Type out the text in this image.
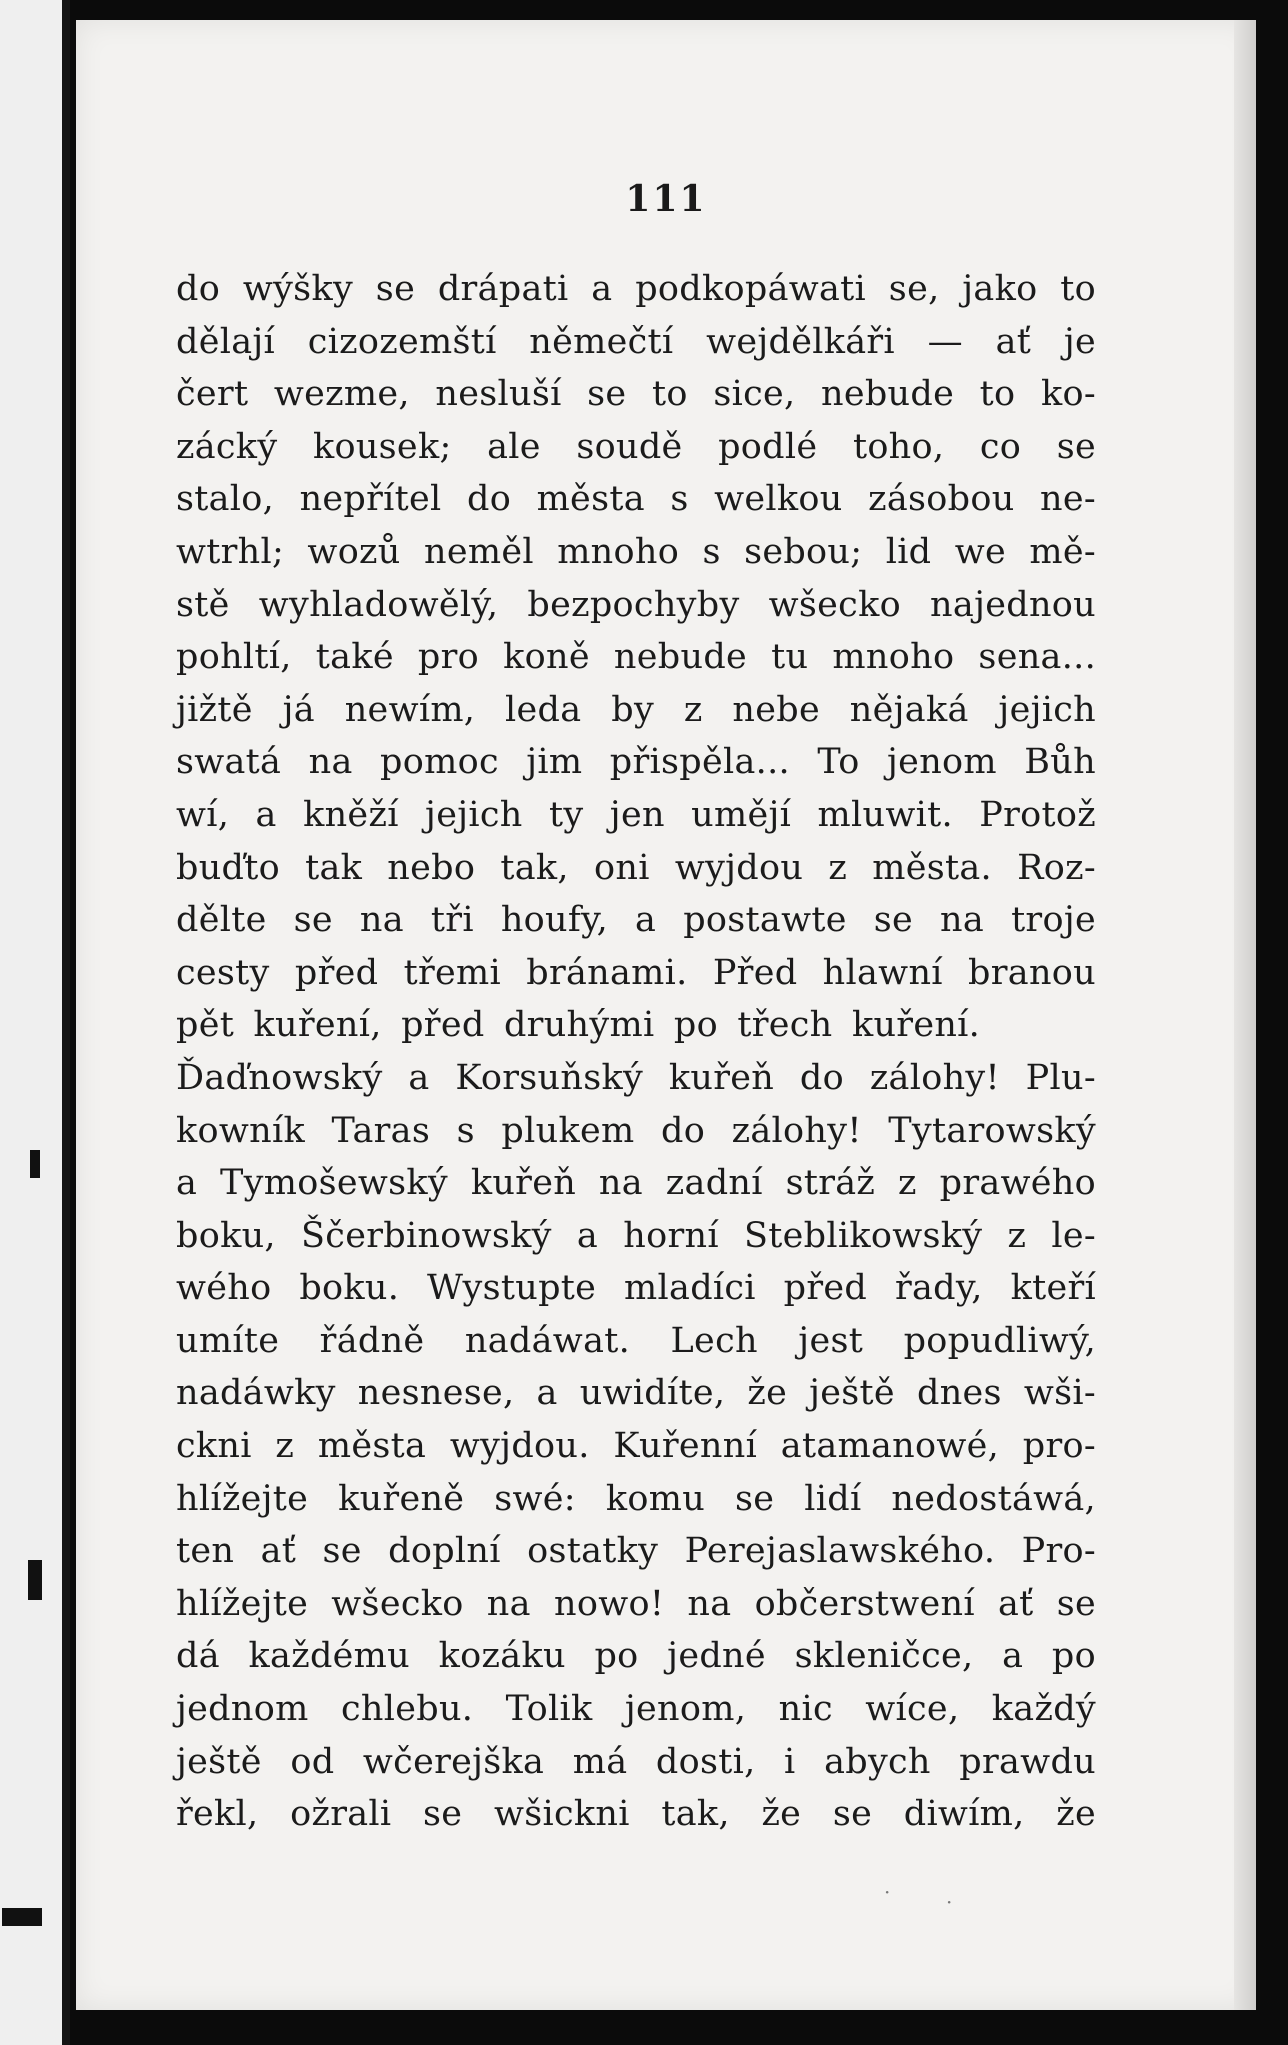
111
do wýšky se drápati a podkopáwati se, jako to
dělají cizozemští němečtí wejdělkáři — ať je
čert wezme, nesluší se to sice, nebude to ko-
zácký kousek; ale soudě podlé toho, co se
stalo, nepřítel do města s welkou zásobou ne-
wtrhl; wozů neměl mnoho s sebou; lid we mě-
stě wyhladowělý, bezpochyby wšecko najednou
pohltí, také pro koně nebude tu mnoho sena...
jižtě já newím, leda by z nebe nějaká jejich
swatá na pomoc jim přispěla... To jenom Bůh
wí, a kněží jejich ty jen umějí mluwit. Protož
buďto tak nebo tak, oni wyjdou z města. Roz-
dělte se na tři houfy, a postawte se na troje
cesty před třemi bránami. Před hlawní branou
pět kuření, před druhými po třech kuření.
Ďaďnowský a Korsuňský kuřeň do zálohy! Plu-
kowník Taras s plukem do zálohy! Tytarowský
a Tymošewský kuřeň na zadní stráž z prawého
boku, Ščerbinowský a horní Steblikowský z le-
wého boku. Wystupte mladíci před řady, kteří
umíte řádně nadáwat. Lech jest popudliwý,
nadáwky nesnese, a uwidíte, že ještě dnes wši-
ckni z města wyjdou. Kuřenní atamanowé, pro-
hlížejte kuřeně swé: komu se lidí nedostáwá,
ten ať se doplní ostatky Perejaslawského. Pro-
hlížejte wšecko na nowo! na občerstwení ať se
dá každému kozáku po jedné skleničce, a po
jednom chlebu. Tolik jenom, nic wíce, každý
ještě od wčerejška má dosti, i abych prawdu
řekl, ožrali se wšickni tak, že se diwím, že
·	·
